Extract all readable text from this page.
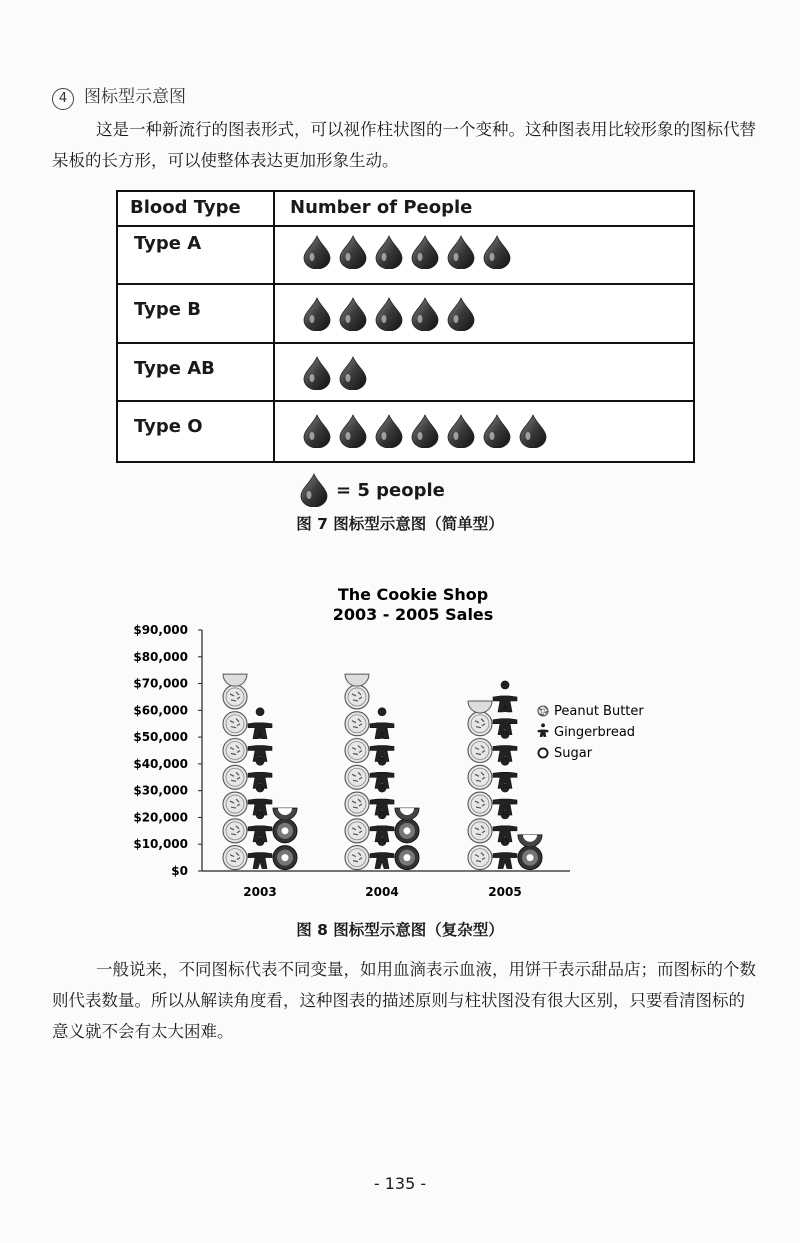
4 图标型示意图
这是一种新流行的图表形式，可以视作柱状图的一个变种。这种图表用比较形象的图标代替呆板的长方形，可以使整体表达更加形象生动。
Blood Type	Number of People
Type A
Type B
Type AB
Type O
= 5 people
图 7 图标型示意图（简单型）
The Cookie Shop
2003 - 2005 Sales
$0
$10,000
$20,000
$30,000
$40,000
$50,000
$60,000
$70,000
$80,000
$90,000
2003	2004	2005
Peanut Butter
Gingerbread
Sugar
图 8 图标型示意图（复杂型）
一般说来，不同图标代表不同变量，如用血滴表示血液，用饼干表示甜品店；而图标的个数则代表数量。所以从解读角度看，这种图表的描述原则与柱状图没有很大区别，只要看清图标的意义就不会有太大困难。
- 135 -
